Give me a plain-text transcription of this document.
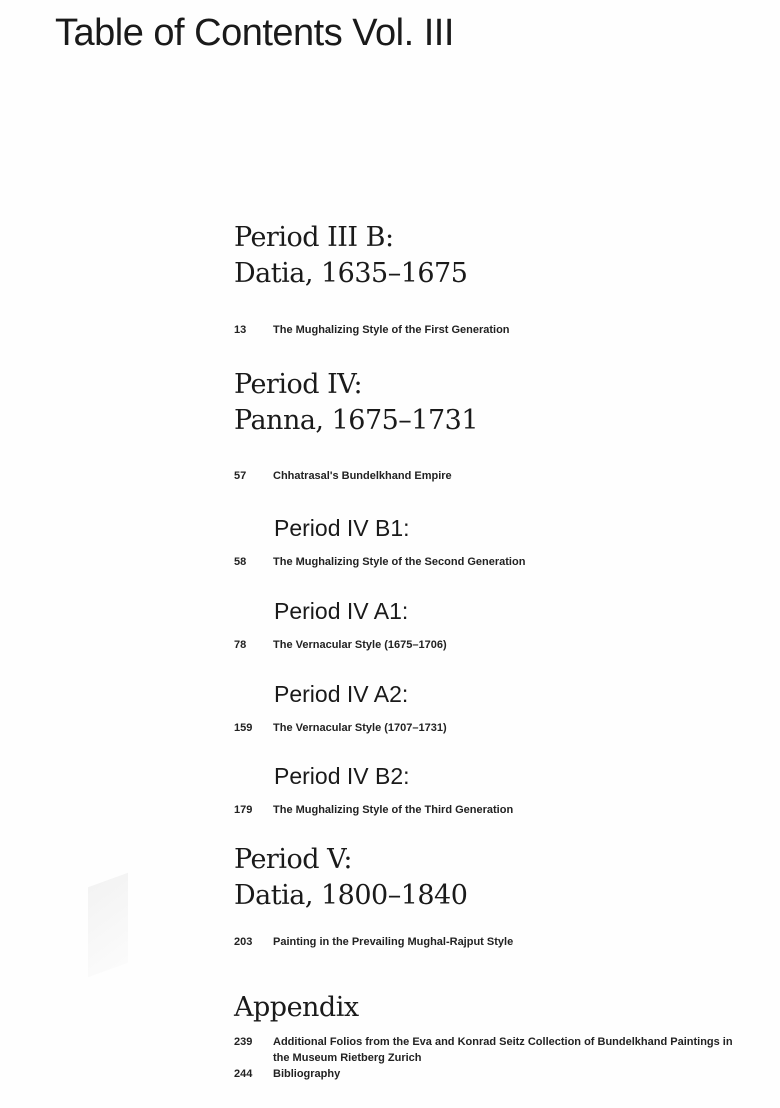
Table of Contents Vol. III
Period III B:
Datia, 1635–1675
13	The Mughalizing Style of the First Generation
Period IV:
Panna, 1675–1731
57	Chhatrasal's Bundelkhand Empire
Period IV B1:
58	The Mughalizing Style of the Second Generation
Period IV A1:
78	The Vernacular Style (1675–1706)
Period IV A2:
159	The Vernacular Style (1707–1731)
Period IV B2:
179	The Mughalizing Style of the Third Generation
Period V:
Datia, 1800–1840
203	Painting in the Prevailing Mughal-Rajput Style
Appendix
239	Additional Folios from the Eva and Konrad Seitz Collection of Bundelkhand Paintings in the Museum Rietberg Zurich
244	Bibliography
